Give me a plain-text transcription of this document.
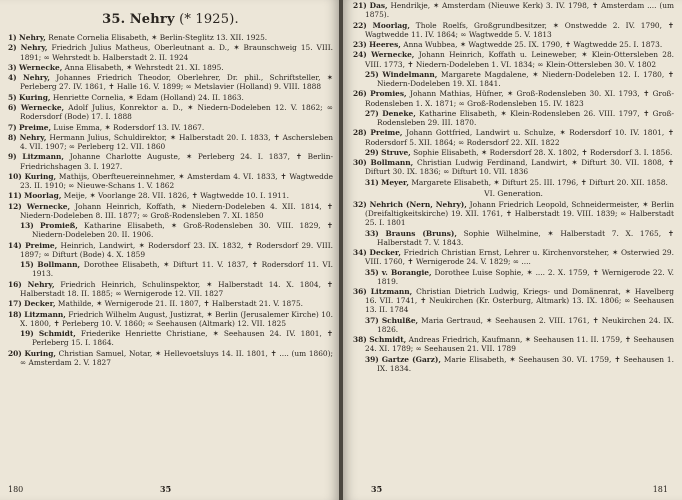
35. Nehry (* 1925).
1) Nehry, Renate Cornelia Elisabeth, ✶ Berlin-Steglitz 13. XII. 1925.
2) Nehry, Friedrich Julius Matheus, Oberleutnant a. D., ✶ Braunschweig 15. VIII. 1891; ∞ Wehrstedt b. Halberstadt 2. II. 1924
3) Wernecke, Anna Elisabeth, ✶ Wehrstedt 21. XI. 1895.
4) Nehry, Johannes Friedrich Theodor, Oberlehrer, Dr. phil., Schriftsteller, ✶ Perleberg 27. IV. 1861, ✝ Halle 16. V. 1899; ∞ Metslavier (Holland) 9. VIII. 1888
5) Kuring, Henriette Cornelia, ✶ Edam (Holland) 24. II. 1863.
6) Wernecke, Adolf Julius, Konrektor a. D., ✶ Niedern-Dodeleben 12. V. 1862; ∞ Rodersdorf (Bode) 17. I. 1888
7) Preime, Luise Emma, ✶ Rodersdorf 13. IV. 1867.
8) Nehry, Hermann Julius, Schuldirektor, ✶ Halberstadt 20. I. 1833, ✝ Aschersleben 4. VII. 1907; ∞ Perleberg 12. VII. 1860
9) Litzmann, Johanne Charlotte Auguste, ✶ Perleberg 24. I. 1837, ✝ Berlin-Friedrichshagen 3. I. 1927.
10) Kuring, Mathijs, Oberfteuereinnehmer, ✶ Amsterdam 4. VI. 1833, ✝ Wagtwedde 23. II. 1910; ∞ Nieuwe-Schans 1. V. 1862
11) Moorlag, Meije, ✶ Voorlange 28. VII. 1826, ✝ Wagtwedde 10. I. 1911.
12) Wernecke, Johann Heinrich, Koffath, ✶ Niedern-Dodeleben 4. XII. 1814, ✝ Niedern-Dodeleben 8. III. 1877; ∞ Groß-Rodensleben 7. XI. 1850
13) Promieß, Katharine Elisabeth, ✶ Groß-Rodensleben 30. VIII. 1829, ✝ Niedern-Dodeleben 20. II. 1906.
14) Preime, Heinrich, Landwirt, ✶ Rodersdorf 23. IX. 1832, ✝ Rodersdorf 29. VIII. 1897; ∞ Difturt (Bode) 4. X. 1859
15) Bollmann, Dorothee Elisabeth, ✶ Difturt 11. V. 1837, ✝ Rodersdorf 11. VI. 1913.
16) Nehry, Friedrich Heinrich, Schulinspektor, ✶ Halberstadt 14. X. 1804, ✝ Halberstadt 18. II. 1885; ∞ Wernigerode 12. VII. 1827
17) Decker, Mathilde, ✶ Wernigerode 21. II. 1807, ✝ Halberstadt 21. V. 1875.
18) Litzmann, Friedrich Wilhelm August, Justizrat, ✶ Berlin (Jerusalemer Kirche) 10. X. 1800, ✝ Perleberg 10. V. 1860; ∞ Seehausen (Altmark) 12. VII. 1825
19) Schmidt, Friederike Henriette Christiane, ✶ Seehausen 24. IV. 1801, ✝ Perleberg 15. I. 1864.
20) Kuring, Christian Samuel, Notar, ✶ Hellevoetsluys 14. II. 1801, ✝ .... (um 1860); ∞ Amsterdam 2. V. 1827
180	35
21) Das, Hendrikje, ✶ Amsterdam (Nieuwe Kerk) 3. IV. 1798, ✝ Amsterdam .... (um 1875).
22) Moorlag, Thole Roelfs, Großgrundbesitzer, ✶ Onstwedde 2. IV. 1790, ✝ Wagtwedde 11. IV. 1864; ∞ Wagtwedde 5. V. 1813
23) Heeres, Anna Wubbea, ✶ Wagtwedde 25. IX. 1790, ✝ Wagtwedde 25. I. 1873.
24) Wernecke, Johann Heinrich, Koffath u. Leineweber, ✶ Klein-Ottersleben 28. VIII. 1773, ✝ Niedern-Dodeleben 1. VI. 1834; ∞ Klein-Ottersleben 30. V. 1802
25) Windelmann, Margarete Magdalene, ✶ Niedern-Dodeleben 12. I. 1780, ✝ Niedern-Dodeleben 19. XI. 1841.
26) Promies, Johann Mathias, Hüfner, ✶ Groß-Rodensleben 30. XI. 1793, ✝ Groß-Rodensleben 1. X. 1871; ∞ Groß-Rodensleben 15. IV. 1823
27) Deneke, Katharine Elisabeth, ✶ Klein-Rodensleben 26. VIII. 1797, ✝ Groß-Rodensleben 29. III. 1870.
28) Preime, Johann Gottfried, Landwirt u. Schulze, ✶ Rodersdorf 10. IV. 1801, ✝ Rodersdorf 5. XII. 1864; ∞ Rodersdorf 22. XII. 1822
29) Struve, Sophie Elisabeth, ✶ Rodersdorf 28. X. 1802, ✝ Rodersdorf 3. I. 1856.
30) Bollmann, Christian Ludwig Ferdinand, Landwirt, ✶ Difturt 30. VII. 1808, ✝ Difturt 30. IX. 1836; ∞ Difturt 10. VII. 1836
31) Meyer, Margarete Elisabeth, ✶ Difturt 25. III. 1796, ✝ Difturt 20. XII. 1858.
VI. Generation.
32) Nehrich (Nern, Nehry), Johann Friedrich Leopold, Schneidermeister, ✶ Berlin (Dreifaltigkeitskirche) 19. XII. 1761, ✝ Halberstadt 19. VIII. 1839; ∞ Halberstadt 25. I. 1801
33) Brauns (Bruns), Sophie Wilhelmine, ✶ Halberstadt 7. X. 1765, ✝ Halberstadt 7. V. 1843.
34) Decker, Friedrich Christian Ernst, Lehrer u. Kirchenvorsteher, ✶ Osterwied 29. VIII. 1760, ✝ Wernigerode 24. V. 1829; ∞ ....
35) v. Borangie, Dorothee Luise Sophie, ✶ .... 2. X. 1759, ✝ Wernigerode 22. V. 1819.
36) Litzmann, Christian Dietrich Ludwig, Kriegs- und Domänenrat, ✶ Havelberg 16. VII. 1741, ✝ Neukirchen (Kr. Osterburg, Altmark) 13. IX. 1806; ∞ Seehausen 13. II. 1784
37) Schulße, Maria Gertraud, ✶ Seehausen 2. VIII. 1761, ✝ Neukirchen 24. IX. 1826.
38) Schmidt, Andreas Friedrich, Kaufmann, ✶ Seehausen 11. II. 1759, ✝ Seehausen 24. XI. 1789; ∞ Seehausen 21. VII. 1789
39) Gartze (Garz), Marie Elisabeth, ✶ Seehausen 30. VI. 1759, ✝ Seehausen 1. IX. 1834.
35	181
